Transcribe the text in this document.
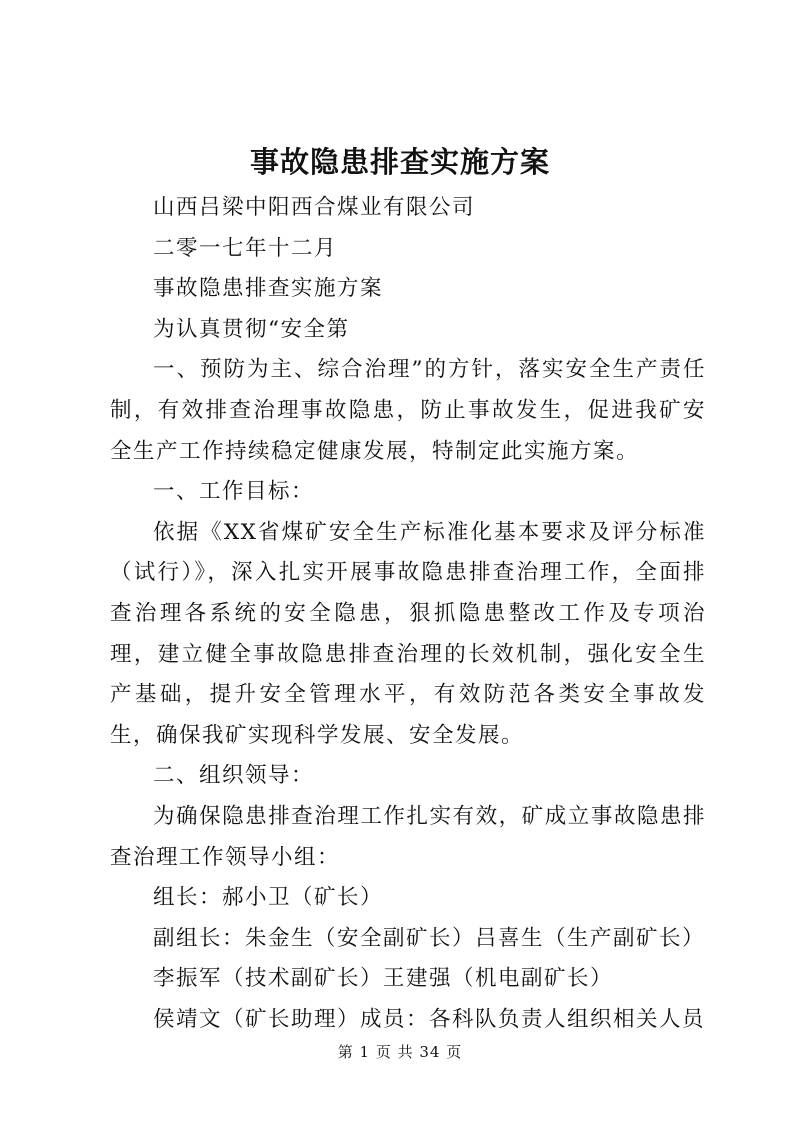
事故隐患排查实施方案

山西吕梁中阳西合煤业有限公司

二零一七年十二月

事故隐患排查实施方案

为认真贯彻“安全第

一、预防为主、综合治理”的方针，落实安全生产责任制，有效排查治理事故隐患，防止事故发生，促进我矿安全生产工作持续稳定健康发展，特制定此实施方案。

一、工作目标：

依据《XX省煤矿安全生产标准化基本要求及评分标准（试行）》，深入扎实开展事故隐患排查治理工作，全面排查治理各系统的安全隐患，狠抓隐患整改工作及专项治理，建立健全事故隐患排查治理的长效机制，强化安全生产基础，提升安全管理水平，有效防范各类安全事故发生，确保我矿实现科学发展、安全发展。

二、组织领导：

为确保隐患排查治理工作扎实有效，矿成立事故隐患排查治理工作领导小组：

组长：郝小卫（矿长）

副组长：朱金生（安全副矿长）吕喜生（生产副矿长）

李振军（技术副矿长）王建强（机电副矿长）

侯靖文（矿长助理）成员：各科队负责人组织相关人员

第 1 页 共 34 页
